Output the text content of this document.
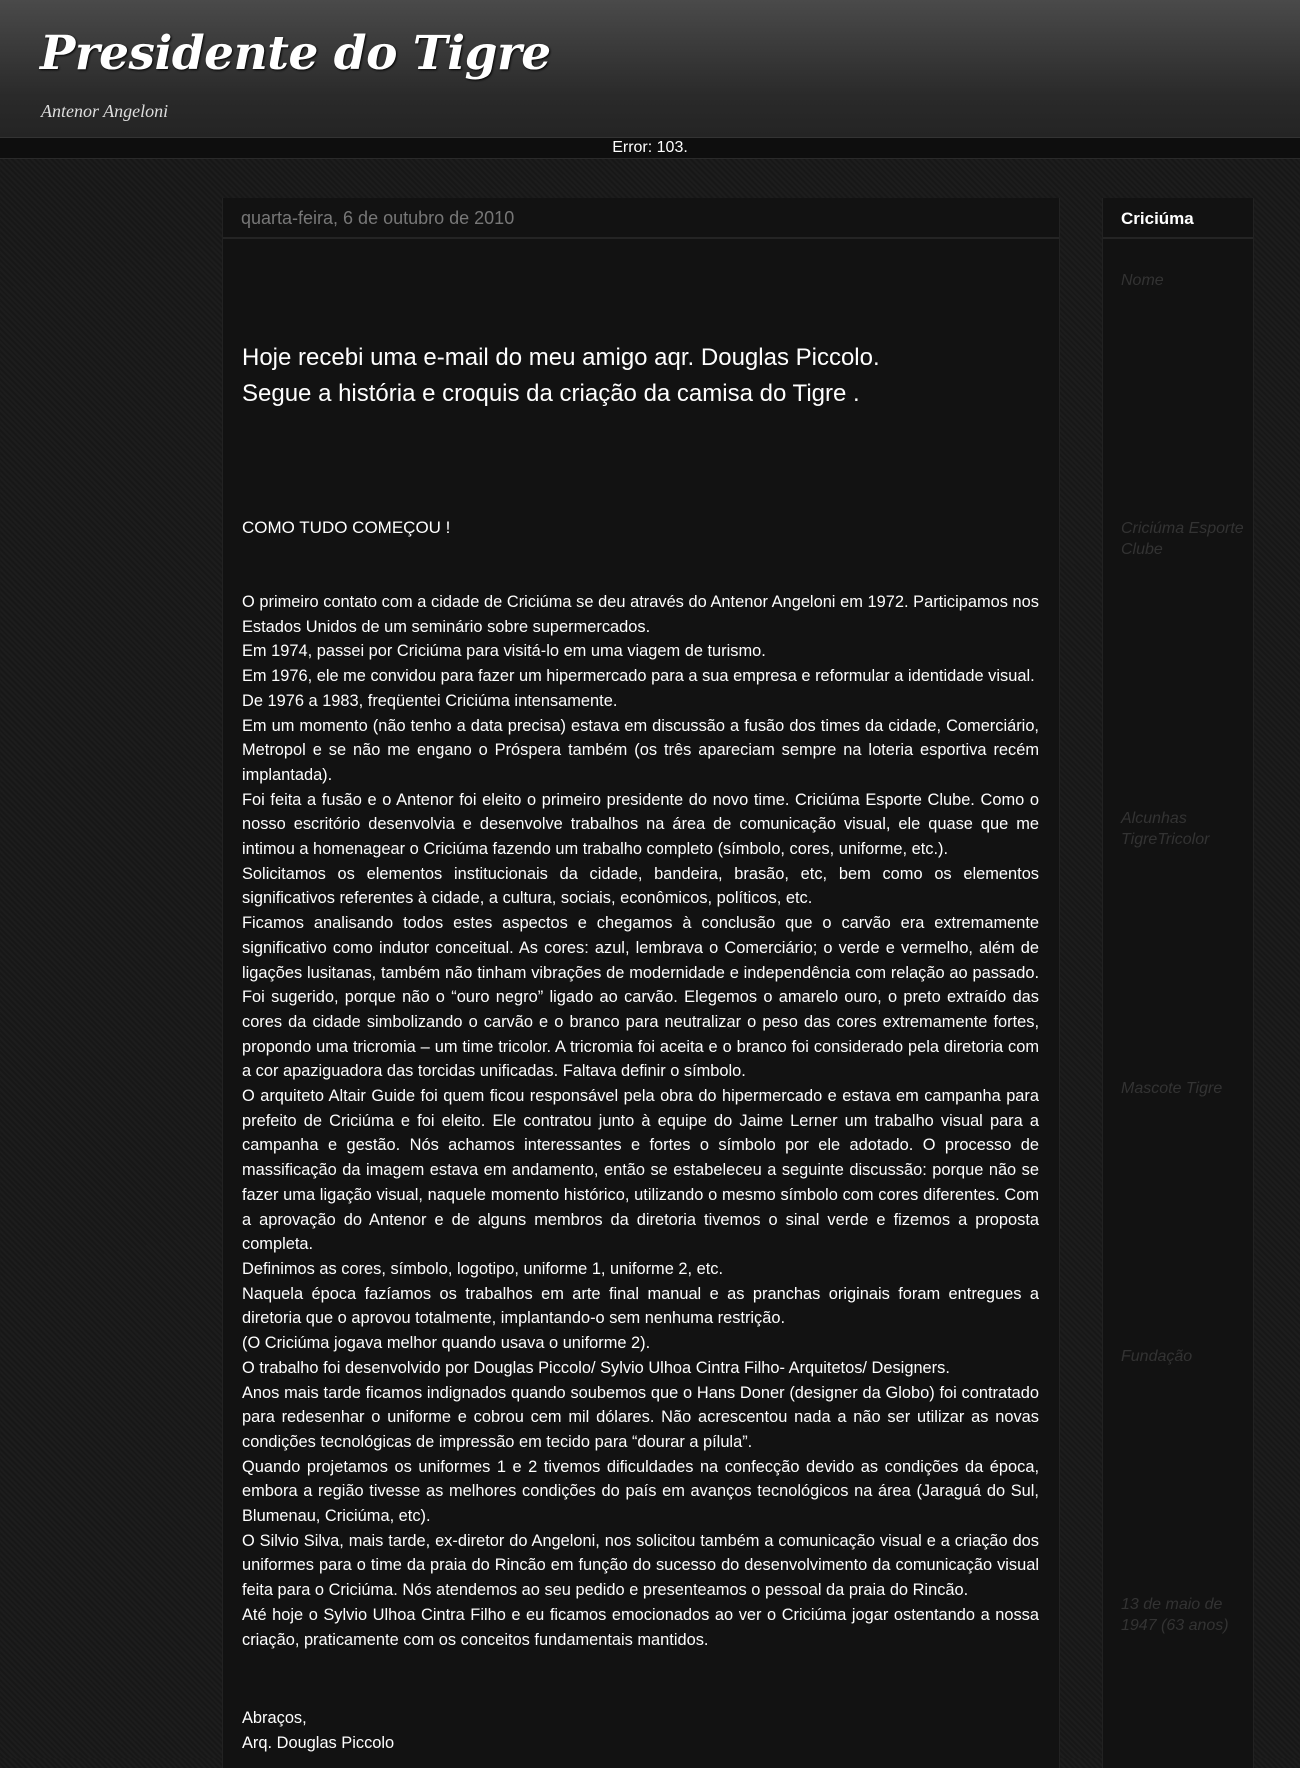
Presidente do Tigre
Antenor Angeloni
Error: 103.
quarta-feira, 6 de outubro de 2010
Hoje recebi uma e-mail do meu amigo aqr. Douglas Piccolo.
Segue a história e croquis da criação da camisa do Tigre .
COMO TUDO COMEÇOU !

O primeiro contato com a cidade de Criciúma se deu através do Antenor Angeloni em 1972. Participamos nos Estados Unidos de um seminário sobre supermercados.

Em 1974, passei por Criciúma para visitá-lo em uma viagem de turismo.

Em 1976, ele me convidou para fazer um hipermercado para a sua empresa e reformular a identidade visual.

De 1976 a 1983, freqüentei Criciúma intensamente.

Em um momento (não tenho a data precisa) estava em discussão a fusão dos times da cidade, Comerciário, Metropol e se não me engano o Próspera também (os três apareciam sempre na loteria esportiva recém implantada).

Foi feita a fusão e o Antenor foi eleito o primeiro presidente do novo time. Criciúma Esporte Clube. Como o nosso escritório desenvolvia e desenvolve trabalhos na área de comunicação visual, ele quase que me intimou a homenagear o Criciúma fazendo um trabalho completo (símbolo, cores, uniforme, etc.).

Solicitamos os elementos institucionais da cidade, bandeira, brasão, etc, bem como os elementos significativos referentes à cidade, a cultura, sociais, econômicos, políticos, etc.

Ficamos analisando todos estes aspectos e chegamos à conclusão que o carvão era extremamente significativo como indutor conceitual. As cores: azul, lembrava o Comerciário; o verde e vermelho, além de ligações lusitanas, também não tinham vibrações de modernidade e independência com relação ao passado. Foi sugerido, porque não o “ouro negro” ligado ao carvão. Elegemos o amarelo ouro, o preto extraído das cores da cidade simbolizando o carvão e o branco para neutralizar o peso das cores extremamente fortes, propondo uma tricromia – um time tricolor. A tricromia foi aceita e o branco foi considerado pela diretoria com a cor apaziguadora das torcidas unificadas. Faltava definir o símbolo.

O arquiteto Altair Guide foi quem ficou responsável pela obra do hipermercado e estava em campanha para prefeito de Criciúma e foi eleito. Ele contratou junto à equipe do Jaime Lerner um trabalho visual para a campanha e gestão. Nós achamos interessantes e fortes o símbolo por ele adotado. O processo de massificação da imagem estava em andamento, então se estabeleceu a seguinte discussão: porque não se fazer uma ligação visual, naquele momento histórico, utilizando o mesmo símbolo com cores diferentes. Com a aprovação do Antenor e de alguns membros da diretoria tivemos o sinal verde e fizemos a proposta completa.

Definimos as cores, símbolo, logotipo, uniforme 1, uniforme 2, etc.

Naquela época fazíamos os trabalhos em arte final manual e as pranchas originais foram entregues a diretoria que o aprovou totalmente, implantando-o sem nenhuma restrição.

(O Criciúma jogava melhor quando usava o uniforme 2).

O trabalho foi desenvolvido por Douglas Piccolo/ Sylvio Ulhoa Cintra Filho- Arquitetos/ Designers.

Anos mais tarde ficamos indignados quando soubemos que o Hans Doner (designer da Globo) foi contratado para redesenhar o uniforme e cobrou cem mil dólares. Não acrescentou nada a não ser utilizar as novas condições tecnológicas de impressão em tecido para “dourar a pílula”.

Quando projetamos os uniformes 1 e 2 tivemos dificuldades na confecção devido as condições da época, embora a região tivesse as melhores condições do país em avanços tecnológicos na área (Jaraguá do Sul, Blumenau, Criciúma, etc).

O Silvio Silva, mais tarde, ex-diretor do Angeloni, nos solicitou também a comunicação visual e a criação dos uniformes para o time da praia do Rincão em função do sucesso do desenvolvimento da comunicação visual feita para o Criciúma. Nós atendemos ao seu pedido e presenteamos o pessoal da praia do Rincão.

Até hoje o Sylvio Ulhoa Cintra Filho e eu ficamos emocionados ao ver o Criciúma jogar ostentando a nossa criação, praticamente com os conceitos fundamentais mantidos.

Abraços,

Arq. Douglas Piccolo

Criciúma
Nome
Criciúma Esporte Clube
Alcunhas TigreTricolor
Mascote Tigre
Fundação
13 de maio de 1947 (63 anos)
